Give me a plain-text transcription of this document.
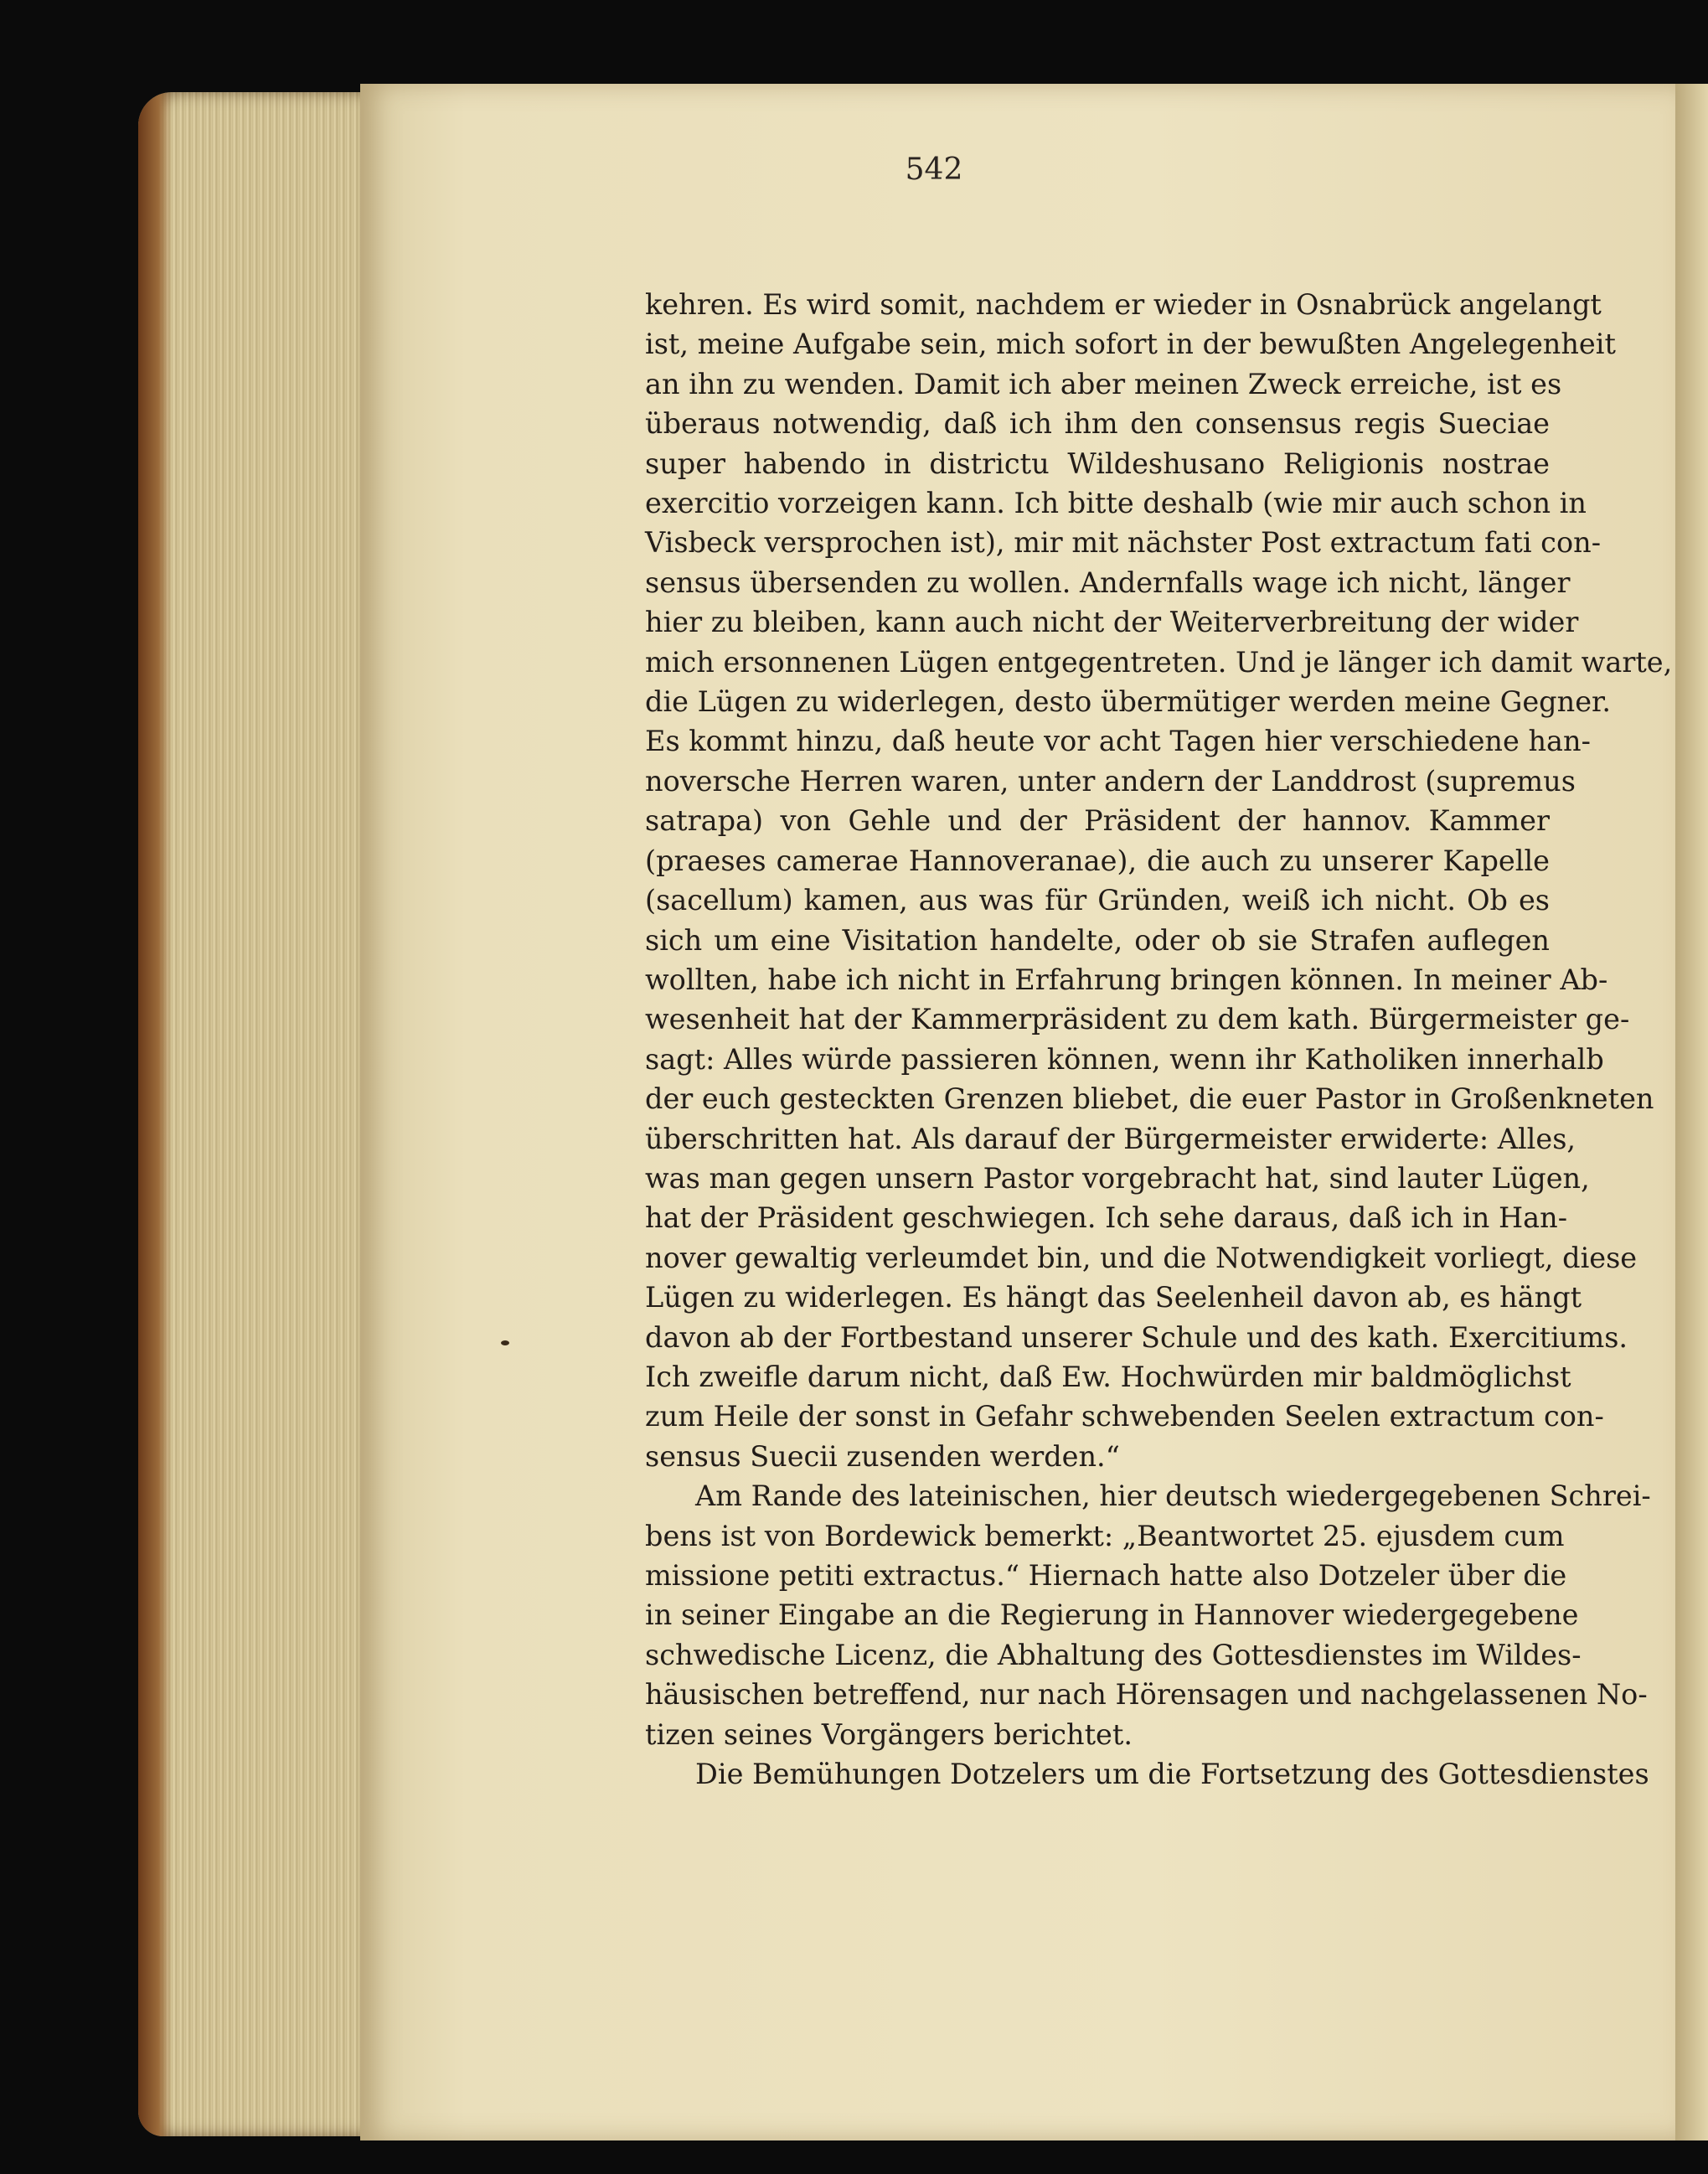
542
kehren. Es wird somit, nachdem er wieder in Osnabrück angelangt
ist, meine Aufgabe sein, mich sofort in der bewußten Angelegenheit
an ihn zu wenden. Damit ich aber meinen Zweck erreiche, ist es
überaus notwendig, daß ich ihm den consensus regis Sueciae
super habendo in districtu Wildeshusano Religionis nostrae
exercitio vorzeigen kann. Ich bitte deshalb (wie mir auch schon in
Visbeck versprochen ist), mir mit nächster Post extractum fati con-
sensus übersenden zu wollen. Andernfalls wage ich nicht, länger
hier zu bleiben, kann auch nicht der Weiterverbreitung der wider
mich ersonnenen Lügen entgegentreten. Und je länger ich damit warte,
die Lügen zu widerlegen, desto übermütiger werden meine Gegner.
Es kommt hinzu, daß heute vor acht Tagen hier verschiedene han-
noversche Herren waren, unter andern der Landdrost (supremus
satrapa) von Gehle und der Präsident der hannov. Kammer
(praeses camerae Hannoveranae), die auch zu unserer Kapelle
(sacellum) kamen, aus was für Gründen, weiß ich nicht. Ob es
sich um eine Visitation handelte, oder ob sie Strafen auflegen
wollten, habe ich nicht in Erfahrung bringen können. In meiner Ab-
wesenheit hat der Kammerpräsident zu dem kath. Bürgermeister ge-
sagt: Alles würde passieren können, wenn ihr Katholiken innerhalb
der euch gesteckten Grenzen bliebet, die euer Pastor in Großenkneten
überschritten hat. Als darauf der Bürgermeister erwiderte: Alles,
was man gegen unsern Pastor vorgebracht hat, sind lauter Lügen,
hat der Präsident geschwiegen. Ich sehe daraus, daß ich in Han-
nover gewaltig verleumdet bin, und die Notwendigkeit vorliegt, diese
Lügen zu widerlegen. Es hängt das Seelenheil davon ab, es hängt
davon ab der Fortbestand unserer Schule und des kath. Exercitiums.
Ich zweifle darum nicht, daß Ew. Hochwürden mir baldmöglichst
zum Heile der sonst in Gefahr schwebenden Seelen extractum con-
sensus Suecii zusenden werden.“
Am Rande des lateinischen, hier deutsch wiedergegebenen Schrei-
bens ist von Bordewick bemerkt: „Beantwortet 25. ejusdem cum
missione petiti extractus.“ Hiernach hatte also Dotzeler über die
in seiner Eingabe an die Regierung in Hannover wiedergegebene
schwedische Licenz, die Abhaltung des Gottesdienstes im Wildes-
häusischen betreffend, nur nach Hörensagen und nachgelassenen No-
tizen seines Vorgängers berichtet.
Die Bemühungen Dotzelers um die Fortsetzung des Gottesdienstes
